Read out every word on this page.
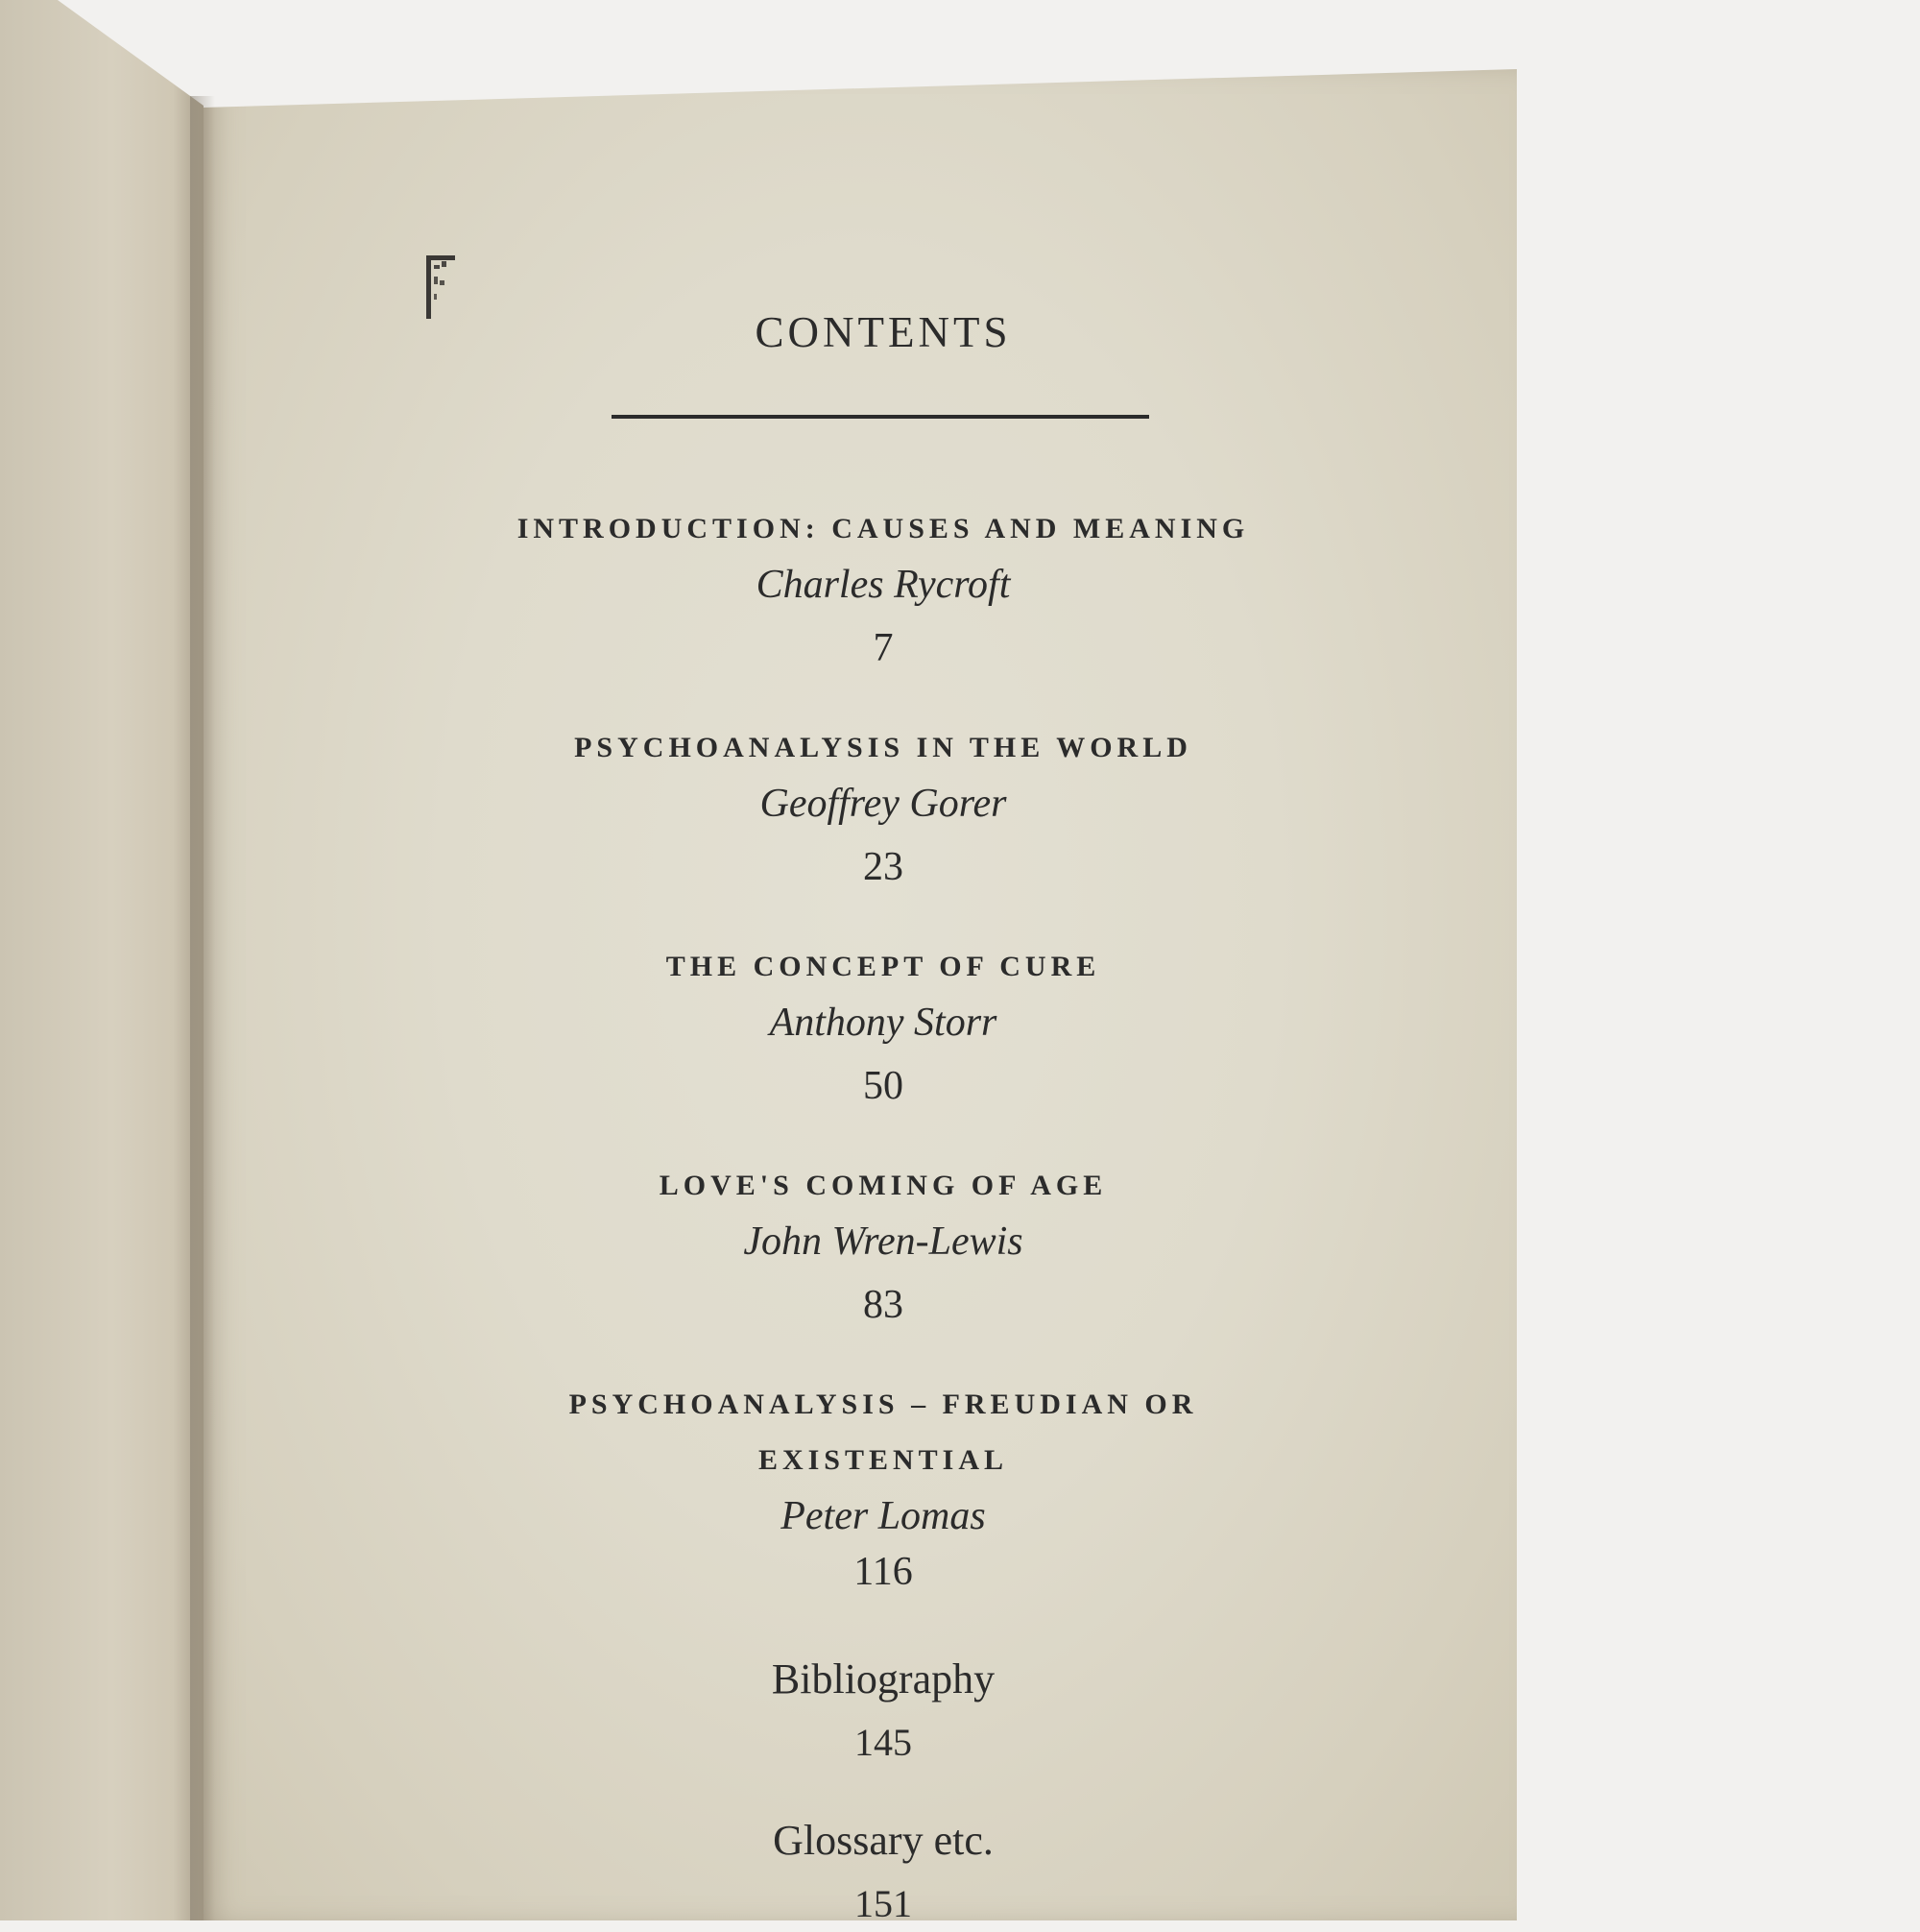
CONTENTS
INTRODUCTION: CAUSES AND MEANING
Charles Rycroft
7
PSYCHOANALYSIS IN THE WORLD
Geoffrey Gorer
23
THE CONCEPT OF CURE
Anthony Storr
50
LOVE'S COMING OF AGE
John Wren-Lewis
83
PSYCHOANALYSIS – FREUDIAN OR
EXISTENTIAL
Peter Lomas
116
Bibliography
145
Glossary etc.
151
